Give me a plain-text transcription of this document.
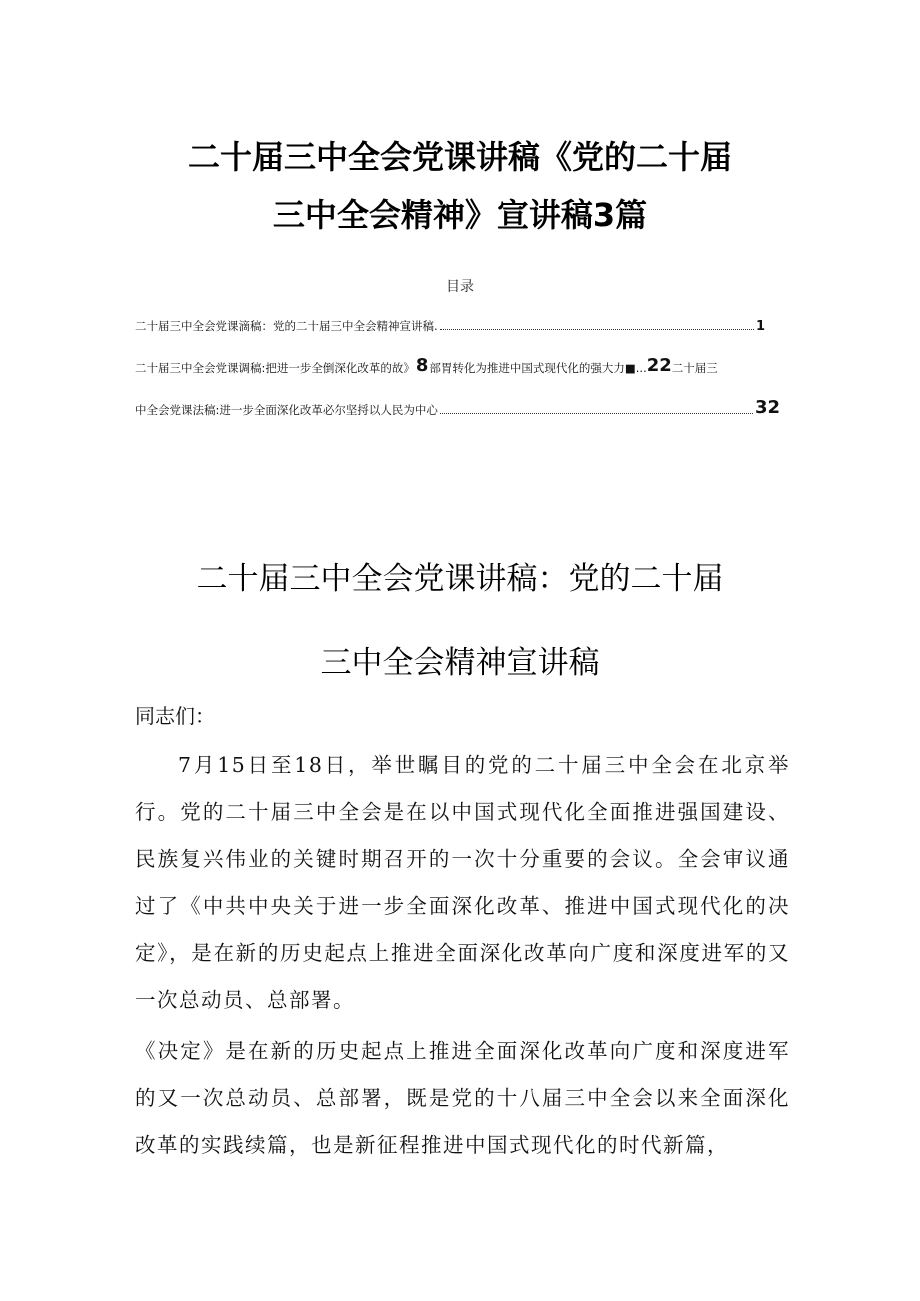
二十届三中全会党课讲稿《党的二十届
三中全会精神》宣讲稿3篇
目录
二十届三中全会党课滴稿：党的二十届三中全会精神宣讲稿.	1
二十届三中全会党课调稿:把进一步全倒深化改革的故》 8 部胃转化为推进中国式现代化的强大力■... 22 二十届三
中全会党课法稿:进一步全面深化改革必尔坚捋以人民为中心	32
二十届三中全会党课讲稿：党的二十届
三中全会精神宣讲稿
同志们：
7月15日至18日，举世瞩目的党的二十届三中全会在北京举行。党的二十届三中全会是在以中国式现代化全面推进强国建设、民族复兴伟业的关键时期召开的一次十分重要的会议。全会审议通过了《中共中央关于进一步全面深化改革、推进中国式现代化的决定》，是在新的历史起点上推进全面深化改革向广度和深度进军的又一次总动员、总部署。
《决定》是在新的历史起点上推进全面深化改革向广度和深度进军的又一次总动员、总部署，既是党的十八届三中全会以来全面深化改革的实践续篇，也是新征程推进中国式现代化的时代新篇，
